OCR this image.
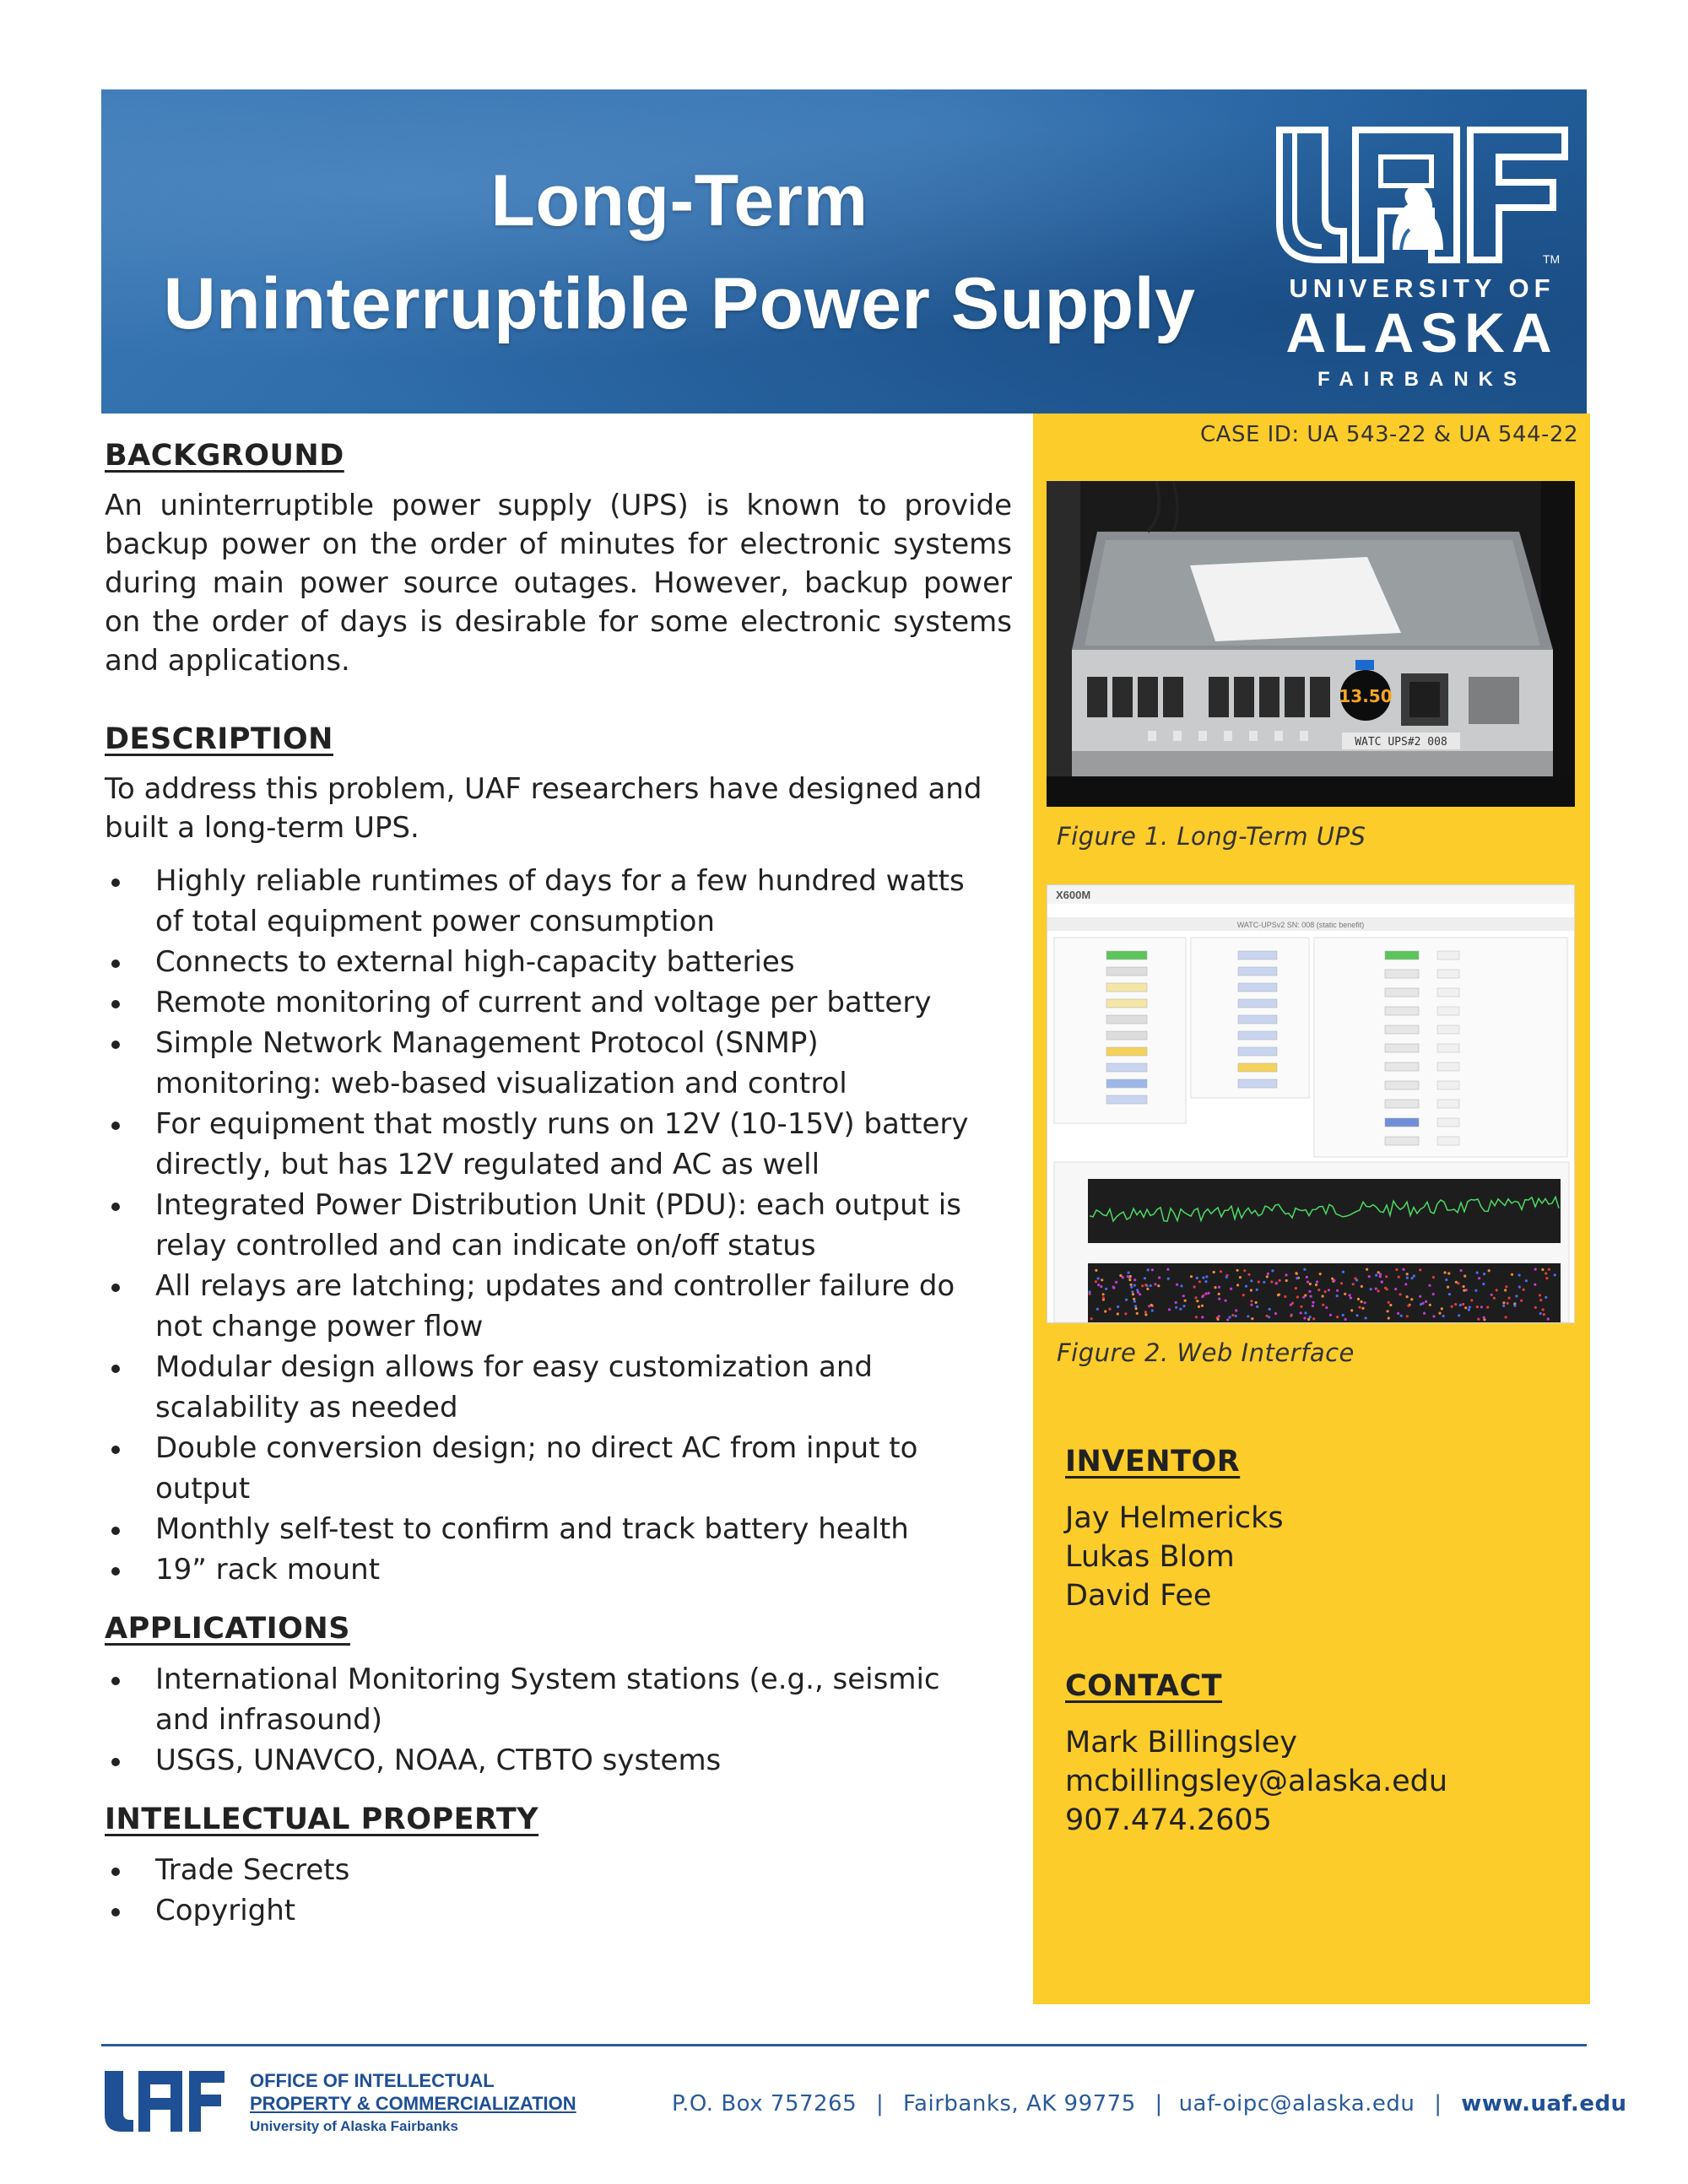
Long-Term
Uninterruptible Power Supply
TM
UNIVERSITY OF
ALASKA
FAIRBANKS
BACKGROUND

An uninterruptible power supply (UPS) is known to provide backup power on the order of minutes for electronic systems during main power source outages. However, backup power on the order of days is desirable for some electronic systems and applications.

DESCRIPTION

To address this problem, UAF researchers have designed and built a long-term UPS.

Highly reliable runtimes of days for a few hundred watts
of total equipment power consumption
Connects to external high-capacity batteries
Remote monitoring of current and voltage per battery
Simple Network Management Protocol (SNMP)
monitoring: web-based visualization and control
For equipment that mostly runs on 12V (10-15V) battery
directly, but has 12V regulated and AC as well
Integrated Power Distribution Unit (PDU): each output is
relay controlled and can indicate on/off status
All relays are latching; updates and controller failure do
not change power flow
Modular design allows for easy customization and
scalability as needed
Double conversion design; no direct AC from input to
output
Monthly self-test to confirm and track battery health
19” rack mount
APPLICATIONS
International Monitoring System stations (e.g., seismic
and infrasound)
USGS, UNAVCO, NOAA, CTBTO systems
INTELLECTUAL PROPERTY
Trade Secrets
Copyright
CASE ID: UA 543-22 & UA 544-22
13.50
WATC UPS#2 008
Figure 1. Long-Term UPS
X600M
WATC-UPSv2 SN: 008 (static benefit)
Figure 2. Web Interface
INVENTOR
Jay Helmericks
Lukas Blom
David Fee
CONTACT
Mark Billingsley
mcbillingsley@alaska.edu
907.474.2605
OFFICE OF INTELLECTUAL
PROPERTY & COMMERCIALIZATION
University of Alaska Fairbanks
P.O. Box 757265 | Fairbanks, AK 99775 | uaf-oipc@alaska.edu | www.uaf.edu
